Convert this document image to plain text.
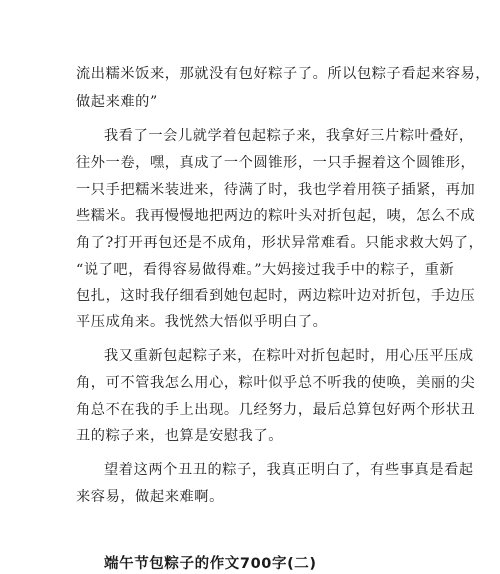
流出糯米饭来，那就没有包好粽子了。所以包粽子看起来容易，
做起来难的”
我看了一会儿就学着包起粽子来，我拿好三片粽叶叠好，
往外一卷，嘿，真成了一个圆锥形，一只手握着这个圆锥形，
一只手把糯米装进来，待满了时，我也学着用筷子插紧，再加
些糯米。我再慢慢地把两边的粽叶头对折包起，咦，怎么不成
角了?打开再包还是不成角，形状异常难看。只能求救大妈了，
“说了吧，看得容易做得难。”大妈接过我手中的粽子，重新
包扎，这时我仔细看到她包起时，两边粽叶边对折包，手边压
平压成角来。我恍然大悟似乎明白了。
我又重新包起粽子来，在粽叶对折包起时，用心压平压成
角，可不管我怎么用心，粽叶似乎总不听我的使唤，美丽的尖
角总不在我的手上出现。几经努力，最后总算包好两个形状丑
丑的粽子来，也算是安慰我了。
望着这两个丑丑的粽子，我真正明白了，有些事真是看起
来容易，做起来难啊。
端午节包粽子的作文700字(二)
